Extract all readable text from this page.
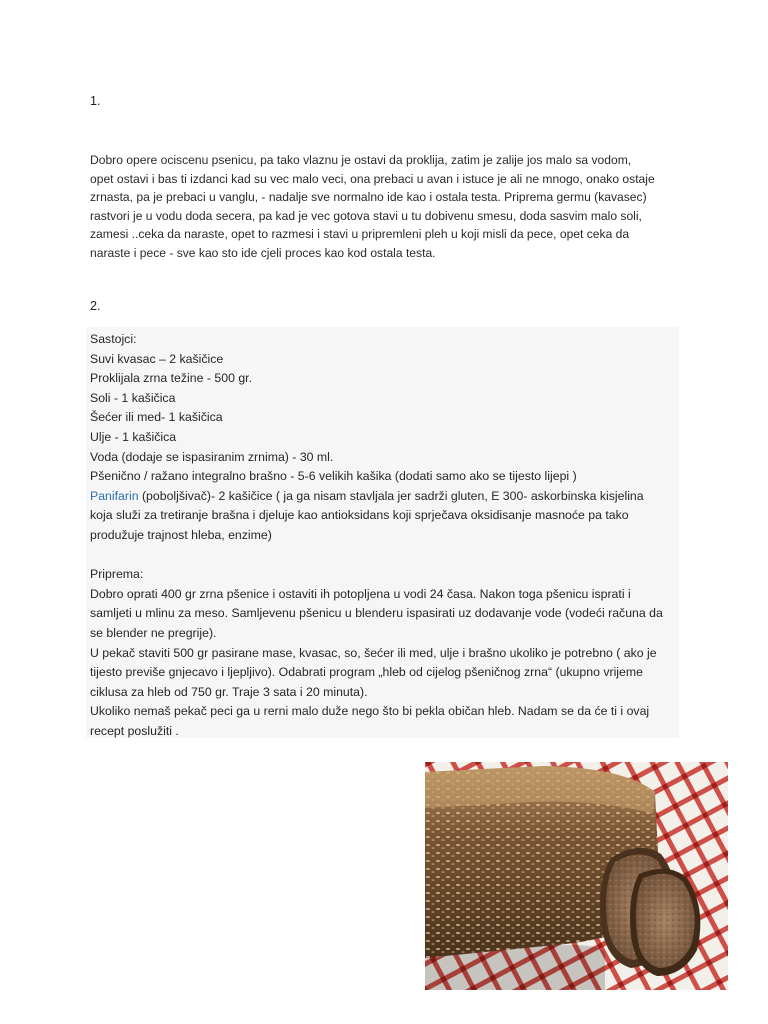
1.

Dobro opere ociscenu psenicu, pa tako vlaznu je ostavi da proklija, zatim je zalije jos malo sa vodom,
opet ostavi i bas ti izdanci kad su vec malo veci, ona prebaci u avan i istuce je ali ne mnogo, onako ostaje
zrnasta, pa je prebaci u vanglu, - nadalje sve normalno ide kao i ostala testa. Priprema germu (kavasec)
rastvori je u vodu doda secera, pa kad je vec gotova stavi u tu dobivenu smesu, doda sasvim malo soli,
zamesi ..ceka da naraste, opet to razmesi i stavi u pripremleni pleh u koji misli da pece, opet ceka da
naraste i pece - sve kao sto ide cjeli proces kao kod ostala testa.

2.

Sastojci:
Suvi kvasac – 2 kašičice
Proklijala zrna težine - 500 gr.
Soli - 1 kašičica
Šećer ili med- 1 kašičica
Ulje - 1 kašičica
Voda (dodaje se ispasiranim zrnima) - 30 ml.
Pšenično / ražano integralno brašno - 5-6 velikih kašika (dodati samo ako se tijesto lijepi )
Panifarin (poboljšivač)- 2 kašičice ( ja ga nisam stavljala jer sadrži gluten, E 300- askorbinska kisjelina
koja služi za tretiranje brašna i djeluje kao antioksidans koji sprječava oksidisanje masnoće pa tako
produžuje trajnost hleba, enzime)
Priprema:
Dobro oprati 400 gr zrna pšenice i ostaviti ih potopljena u vodi 24 časa. Nakon toga pšenicu isprati i
samljeti u mlinu za meso. Samljevenu pšenicu u blenderu ispasirati uz dodavanje vode (vodeći računa da
se blender ne pregrije).
U pekač staviti 500 gr pasirane mase, kvasac, so, šećer ili med, ulje i brašno ukoliko je potrebno ( ako je
tijesto previše gnjecavo i ljepljivo). Odabrati program „hleb od cijelog pšeničnog zrna“ (ukupno vrijeme
ciklusa za hleb od 750 gr. Traje 3 sata i 20 minuta).
Ukoliko nemaš pekač peci ga u rerni malo duže nego što bi pekla običan hleb. Nadam se da će ti i ovaj
recept poslužiti .
